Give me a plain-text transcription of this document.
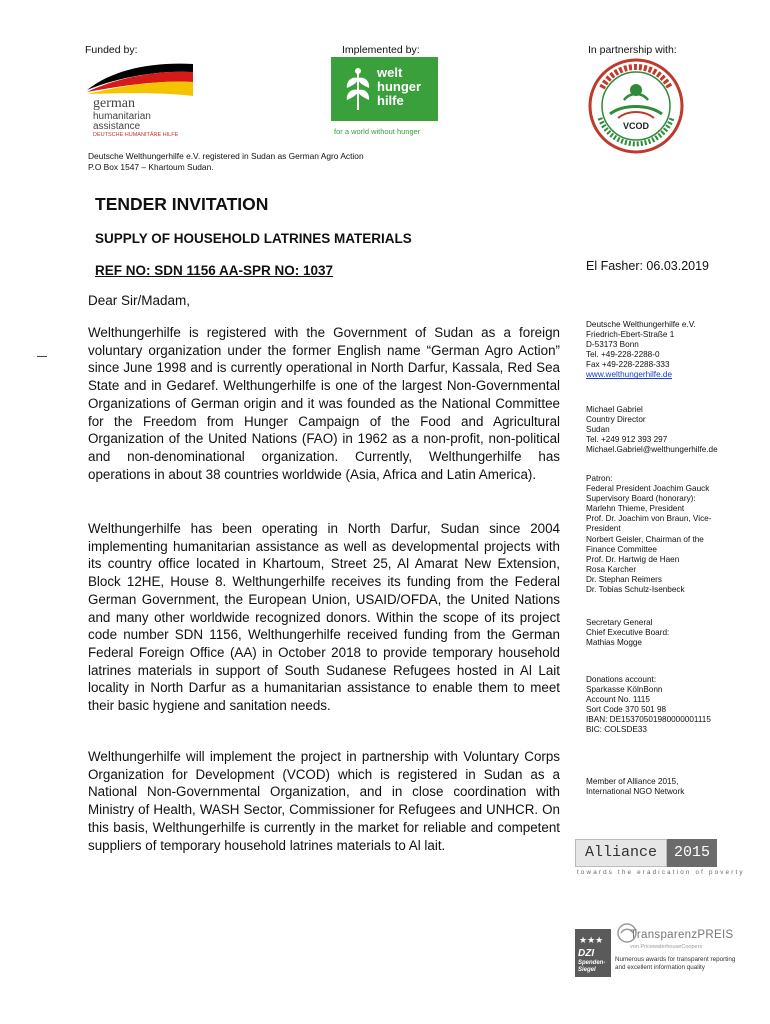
Funded by:	Implemented by:	In partnership with:
german
humanitarian
assistance
DEUTSCHE HUMANITÄRE HILFE
welt
hunger
hilfe
for a world without hunger
VCOD
Deutsche Welthungerhilfe e.V. registered in Sudan as German Agro Action
P.O Box 1547 – Khartoum Sudan.
TENDER INVITATION
SUPPLY OF HOUSEHOLD LATRINES MATERIALS
REF NO: SDN 1156 AA-SPR NO: 1037	El Fasher: 06.03.2019
Dear Sir/Madam,

Welthungerhilfe is registered with the Government of Sudan as a foreign voluntary organization under the former English name “German Agro Action” since June 1998 and is currently operational in North Darfur, Kassala, Red Sea State and in Gedaref. Welthungerhilfe is one of the largest Non-Governmental Organizations of German origin and it was founded as the National Committee for the Freedom from Hunger Campaign of the Food and Agricultural Organization of the United Nations (FAO) in 1962 as a non-profit, non-political and non-denominational organization. Currently, Welthungerhilfe has operations in about 38 countries worldwide (Asia, Africa and Latin America).

Welthungerhilfe has been operating in North Darfur, Sudan since 2004 implementing humanitarian assistance as well as developmental projects with its country office located in Khartoum, Street 25, Al Amarat New Extension, Block 12HE, House 8. Welthungerhilfe receives its funding from the Federal German Government, the European Union, USAID/OFDA, the United Nations and many other worldwide recognized donors. Within the scope of its project code number SDN 1156, Welthungerhilfe received funding from the German Federal Foreign Office (AA) in October 2018 to provide temporary household latrines materials in support of South Sudanese Refugees hosted in Al Lait locality in North Darfur as a humanitarian assistance to enable them to meet their basic hygiene and sanitation needs.

Welthungerhilfe will implement the project in partnership with Voluntary Corps Organization for Development (VCOD) which is registered in Sudan as a National Non-Governmental Organization, and in close coordination with Ministry of Health, WASH Sector, Commissioner for Refugees and UNHCR. On this basis, Welthungerhilfe is currently in the market for reliable and competent suppliers of temporary household latrines materials to Al lait.

Deutsche Welthungerhilfe e.V.
Friedrich-Ebert-Straße 1
D-53173 Bonn
Tel. +49-228-2288-0
Fax +49-228-2288-333
www.welthungerhilfe.de
Michael Gabriel
Country Director
Sudan
Tel. +249 912 393 297
Michael.Gabriel@welthungerhilfe.de
Patron:
Federal President Joachim Gauck
Supervisory Board (honorary):
Marlehn Thieme, President
Prof. Dr. Joachim von Braun, Vice-
President
Norbert Geisler, Chairman of the
Finance Committee
Prof. Dr. Hartwig de Haen
Rosa Karcher
Dr. Stephan Reimers
Dr. Tobias Schulz-Isenbeck
Secretary General
Chief Executive Board:
Mathias Mogge
Donations account:
Sparkasse KölnBonn
Account No. 1115
Sort Code 370 501 98
IBAN: DE15370501980000001115
BIC: COLSDE33
Member of Alliance 2015,
International NGO Network
Alliance	2015
towards the eradication of poverty
★★★
DZI
Spenden-
Siegel
TransparenzPREIS
von PricewaterhouseCoopers
Numerous awards for transparent reporting
and excellent information quality
